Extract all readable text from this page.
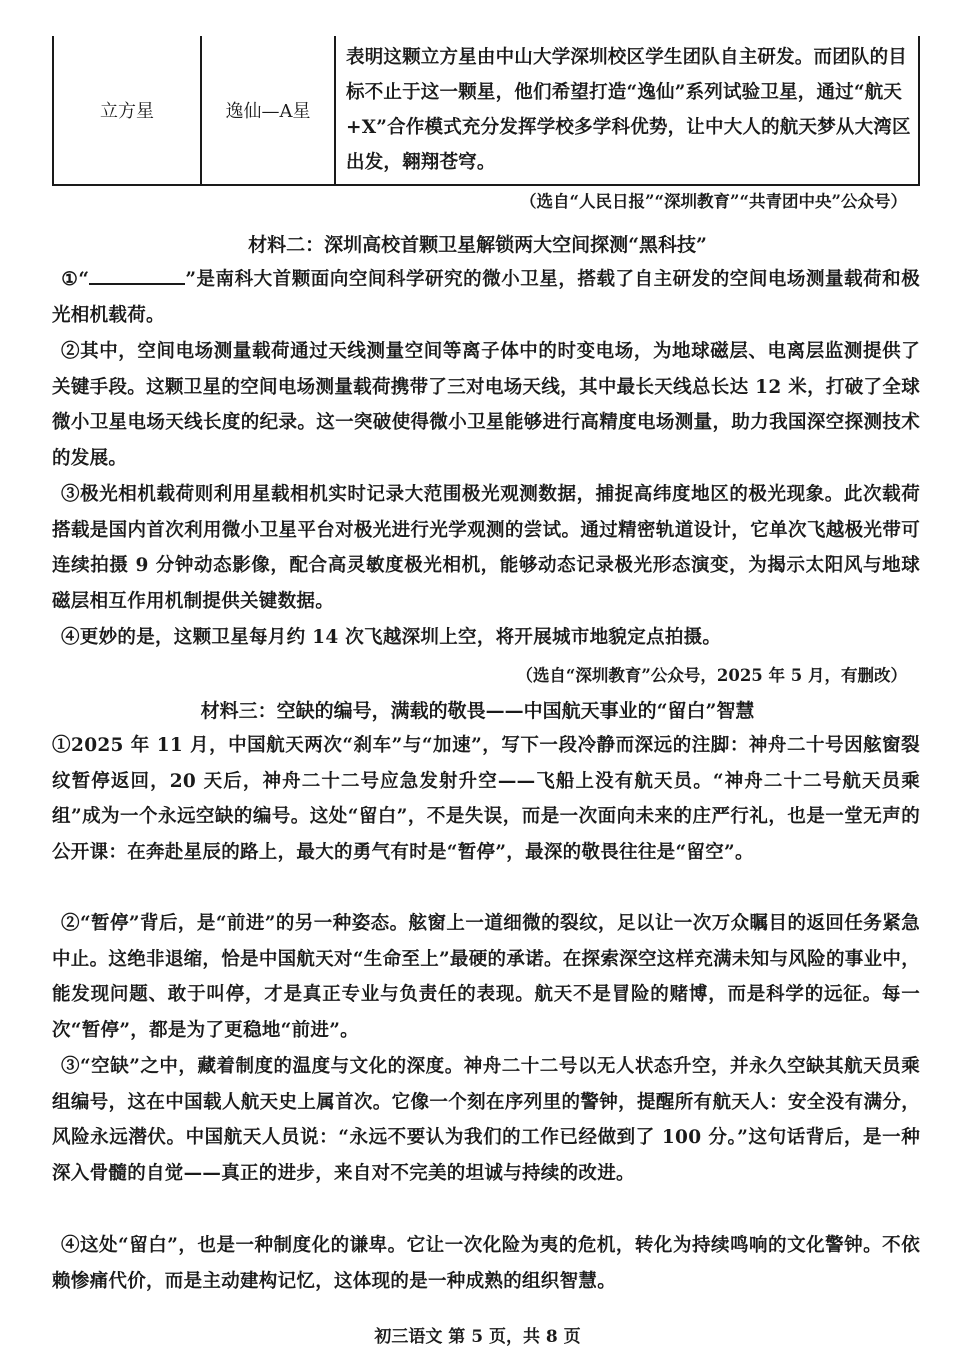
立方星	逸仙—A星
表明这颗立方星由中山大学深圳校区学生团队自主研发。而团队的目标不止于这一颗星，他们希望打造“逸仙”系列试验卫星，通过“航天+X”合作模式充分发挥学校多学科优势，让中大人的航天梦从大湾区出发，翱翔苍穹。
（选自“人民日报”“深圳教育”“共青团中央”公众号）
材料二：深圳高校首颗卫星解锁两大空间探测“黑科技”
①“	”是南科大首颗面向空间科学研究的微小卫星，搭载了自主研发的空间电场测量载荷和极光相机载荷。
②其中，空间电场测量载荷通过天线测量空间等离子体中的时变电场，为地球磁层、电离层监测提供了关键手段。这颗卫星的空间电场测量载荷携带了三对电场天线，其中最长天线总长达 12 米，打破了全球微小卫星电场天线长度的纪录。这一突破使得微小卫星能够进行高精度电场测量，助力我国深空探测技术的发展。
③极光相机载荷则利用星载相机实时记录大范围极光观测数据，捕捉高纬度地区的极光现象。此次载荷搭载是国内首次利用微小卫星平台对极光进行光学观测的尝试。通过精密轨道设计，它单次飞越极光带可连续拍摄 9 分钟动态影像，配合高灵敏度极光相机，能够动态记录极光形态演变，为揭示太阳风与地球磁层相互作用机制提供关键数据。
④更妙的是，这颗卫星每月约 14 次飞越深圳上空，将开展城市地貌定点拍摄。
（选自“深圳教育”公众号，2025 年 5 月，有删改）
材料三：空缺的编号，满载的敬畏——中国航天事业的“留白”智慧
①2025 年 11 月，中国航天两次“刹车”与“加速”，写下一段冷静而深远的注脚：神舟二十号因舷窗裂纹暂停返回，20 天后，神舟二十二号应急发射升空——飞船上没有航天员。“神舟二十二号航天员乘组”成为一个永远空缺的编号。这处“留白”，不是失误，而是一次面向未来的庄严行礼，也是一堂无声的公开课：在奔赴星辰的路上，最大的勇气有时是“暂停”，最深的敬畏往往是“留空”。
②“暂停”背后，是“前进”的另一种姿态。舷窗上一道细微的裂纹，足以让一次万众瞩目的返回任务紧急中止。这绝非退缩，恰是中国航天对“生命至上”最硬的承诺。在探索深空这样充满未知与风险的事业中，能发现问题、敢于叫停，才是真正专业与负责任的表现。航天不是冒险的赌博，而是科学的远征。每一次“暂停”，都是为了更稳地“前进”。
③“空缺”之中，藏着制度的温度与文化的深度。神舟二十二号以无人状态升空，并永久空缺其航天员乘组编号，这在中国载人航天史上属首次。它像一个刻在序列里的警钟，提醒所有航天人：安全没有满分，风险永远潜伏。中国航天人员说：“永远不要认为我们的工作已经做到了 100 分。”这句话背后，是一种深入骨髓的自觉——真正的进步，来自对不完美的坦诚与持续的改进。
④这处“留白”，也是一种制度化的谦卑。它让一次化险为夷的危机，转化为持续鸣响的文化警钟。不依赖惨痛代价，而是主动建构记忆，这体现的是一种成熟的组织智慧。
初三语文 第 5 页，共 8 页
